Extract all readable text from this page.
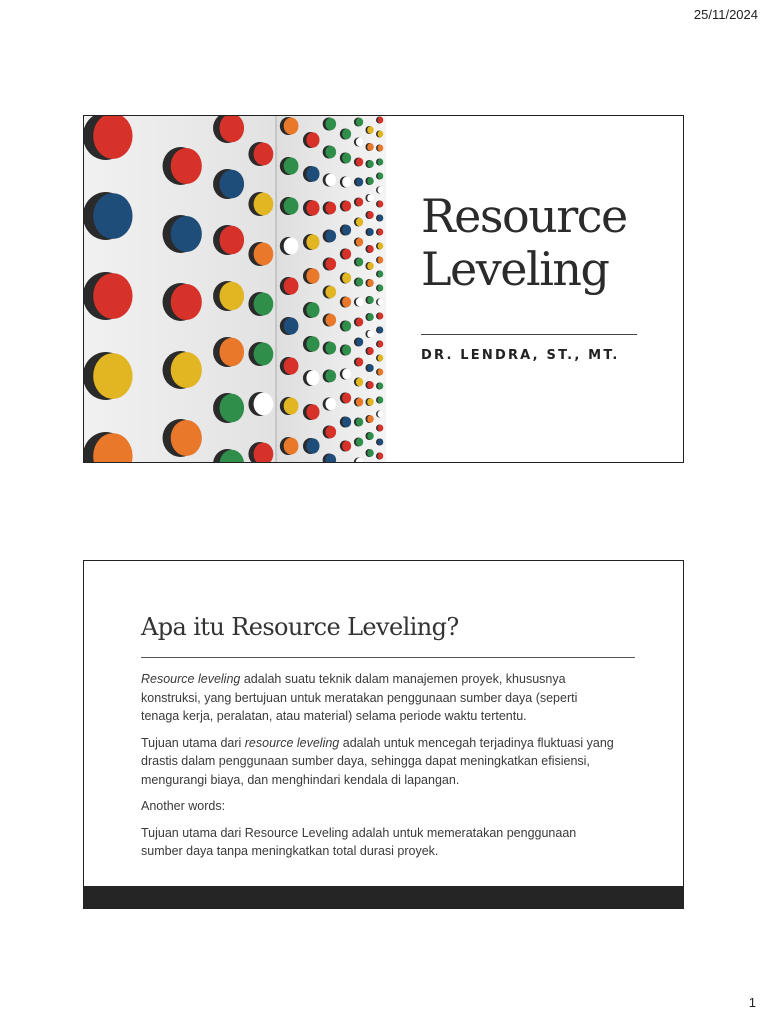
25/11/2024
Resource
Leveling
DR. LENDRA, ST., MT.
Apa itu Resource Leveling?

Resource leveling adalah suatu teknik dalam manajemen proyek, khususnya konstruksi, yang bertujuan untuk meratakan penggunaan sumber daya (seperti tenaga kerja, peralatan, atau material) selama periode waktu tertentu.

Tujuan utama dari resource leveling adalah untuk mencegah terjadinya fluktuasi yang drastis dalam penggunaan sumber daya, sehingga dapat meningkatkan efisiensi, mengurangi biaya, dan menghindari kendala di lapangan.

Another words:

Tujuan utama dari Resource Leveling adalah untuk memeratakan penggunaan sumber daya tanpa meningkatkan total durasi proyek.

1
